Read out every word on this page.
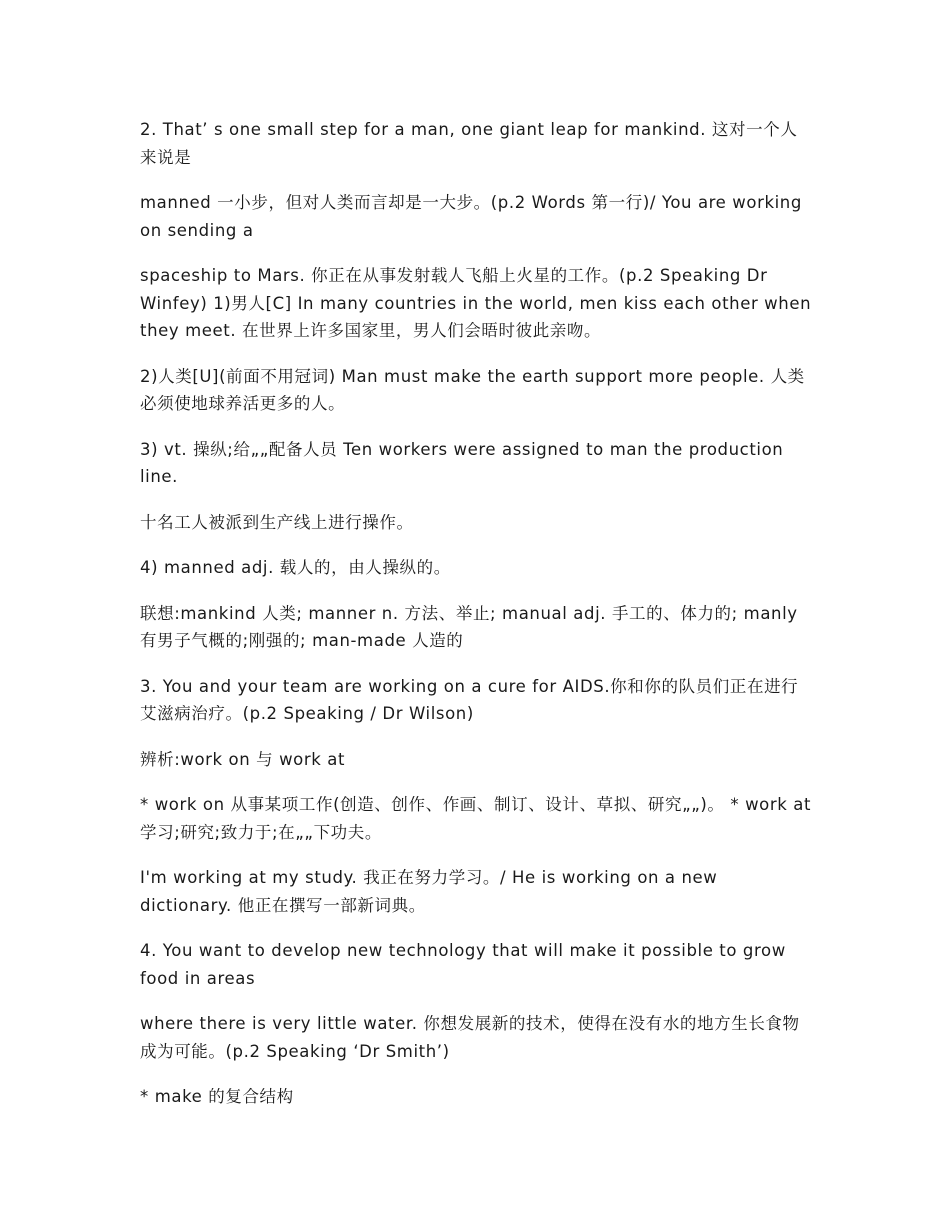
2. That’ s one small step for a man, one giant leap for mankind. 这对一个人来说是

manned 一小步，但对人类而言却是一大步。(p.2 Words 第一行)/ You are working on sending a

spaceship to Mars. 你正在从事发射载人飞船上火星的工作。(p.2 Speaking Dr Winfey) 1)男人[C] In many countries in the world, men kiss each other when they meet. 在世界上许多国家里，男人们会晤时彼此亲吻。

2)人类[U](前面不用冠词) Man must make the earth support more people. 人类必须使地球养活更多的人。

3) vt. 操纵;给„„配备人员 Ten workers were assigned to man the production line.

十名工人被派到生产线上进行操作。

4) manned adj. 载人的，由人操纵的。

联想:mankind 人类; manner n. 方法、举止; manual adj. 手工的、体力的; manly 有男子气概的;刚强的; man-made 人造的

3. You and your team are working on a cure for AIDS.你和你的队员们正在进行艾滋病治疗。(p.2 Speaking / Dr Wilson)

辨析:work on 与 work at

* work on 从事某项工作(创造、创作、作画、制订、设计、草拟、研究„„)。 * work at 学习;研究;致力于;在„„下功夫。

I'm working at my study. 我正在努力学习。/ He is working on a new dictionary. 他正在撰写一部新词典。

4. You want to develop new technology that will make it possible to grow food in areas

where there is very little water. 你想发展新的技术，使得在没有水的地方生长食物成为可能。(p.2 Speaking ‘Dr Smith’)

* make 的复合结构
